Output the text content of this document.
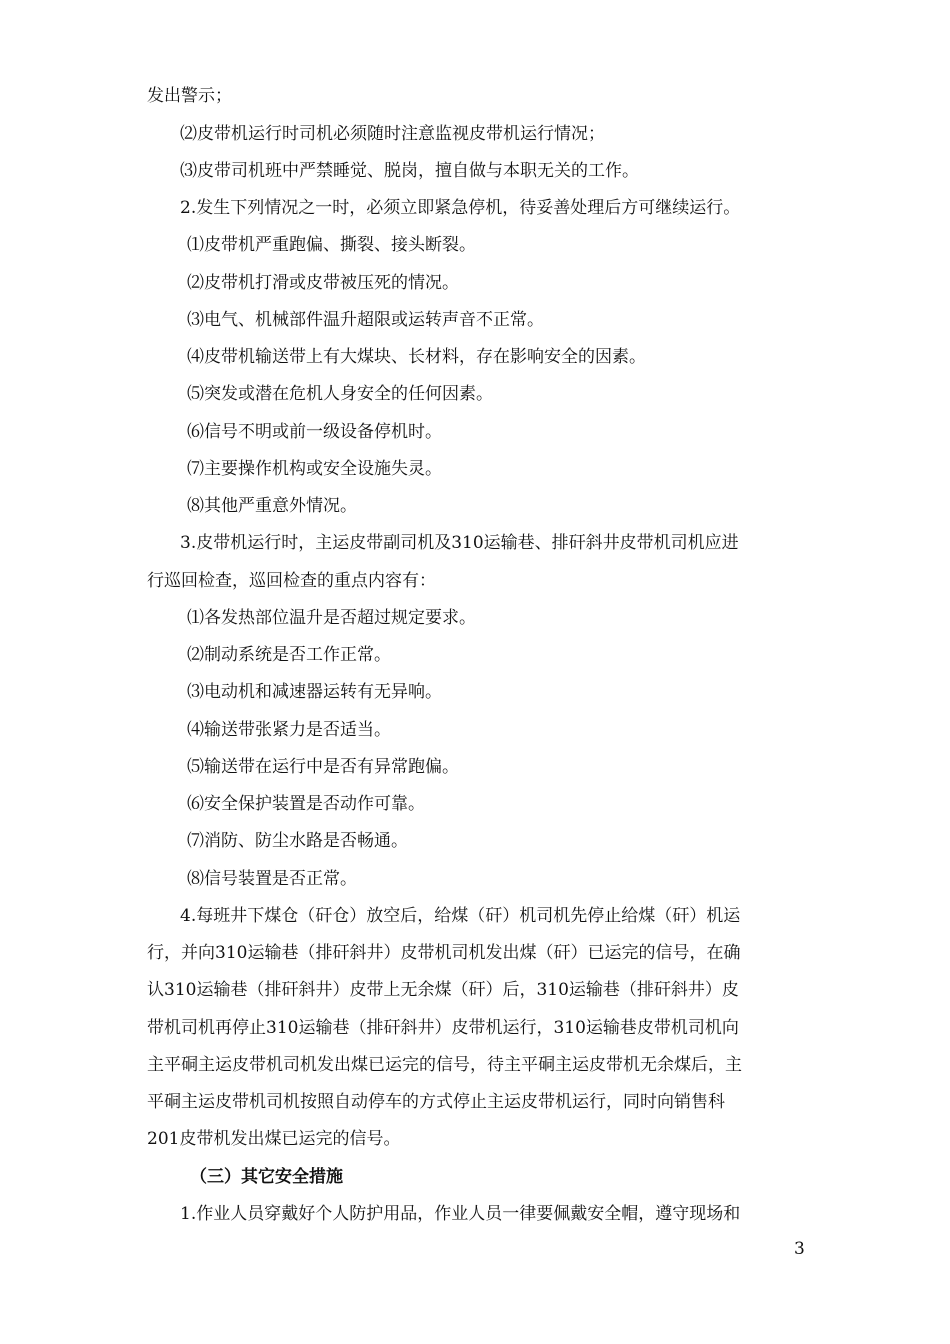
发出警示；
⑵皮带机运行时司机必须随时注意监视皮带机运行情况；
⑶皮带司机班中严禁睡觉、脱岗，擅自做与本职无关的工作。
2.发生下列情况之一时，必须立即紧急停机，待妥善处理后方可继续运行。
⑴皮带机严重跑偏、撕裂、接头断裂。
⑵皮带机打滑或皮带被压死的情况。
⑶电气、机械部件温升超限或运转声音不正常。
⑷皮带机输送带上有大煤块、长材料，存在影响安全的因素。
⑸突发或潜在危机人身安全的任何因素。
⑹信号不明或前一级设备停机时。
⑺主要操作机构或安全设施失灵。
⑻其他严重意外情况。
3.皮带机运行时，主运皮带副司机及310运输巷、排矸斜井皮带机司机应进
行巡回检查，巡回检查的重点内容有：
⑴各发热部位温升是否超过规定要求。
⑵制动系统是否工作正常。
⑶电动机和减速器运转有无异响。
⑷输送带张紧力是否适当。
⑸输送带在运行中是否有异常跑偏。
⑹安全保护装置是否动作可靠。
⑺消防、防尘水路是否畅通。
⑻信号装置是否正常。
4.每班井下煤仓（矸仓）放空后，给煤（矸）机司机先停止给煤（矸）机运
行，并向310运输巷（排矸斜井）皮带机司机发出煤（矸）已运完的信号，在确
认310运输巷（排矸斜井）皮带上无余煤（矸）后，310运输巷（排矸斜井）皮
带机司机再停止310运输巷（排矸斜井）皮带机运行，310运输巷皮带机司机向
主平硐主运皮带机司机发出煤已运完的信号，待主平硐主运皮带机无余煤后，主
平硐主运皮带机司机按照自动停车的方式停止主运皮带机运行，同时向销售科
201皮带机发出煤已运完的信号。
（三）其它安全措施
1.作业人员穿戴好个人防护用品，作业人员一律要佩戴安全帽，遵守现场和
3
